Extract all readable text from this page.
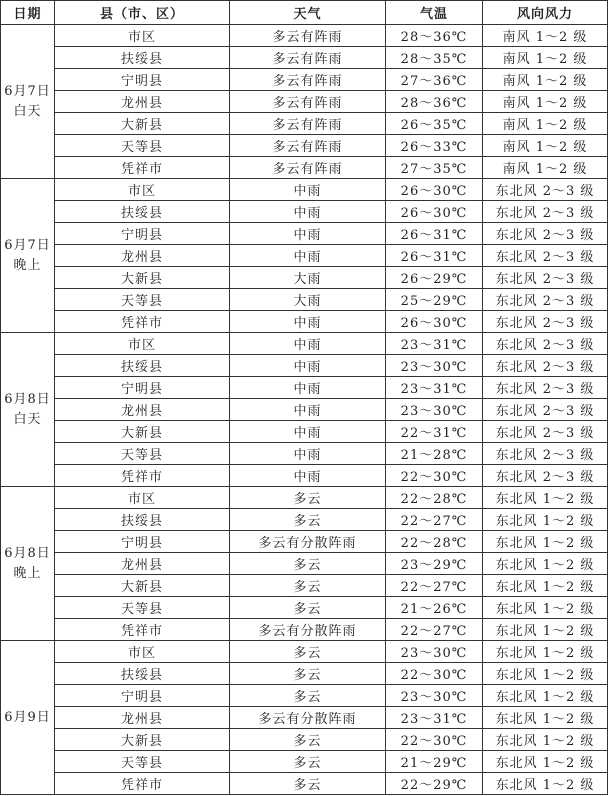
日期	县（市、区）	天气	气温	风向风力

6月7日
白天	市区	多云有阵雨	28～36℃	南风 1～2 级
	扶绥县	多云有阵雨	28～35℃	南风 1～2 级
	宁明县	多云有阵雨	27～36℃	南风 1～2 级
	龙州县	多云有阵雨	28～36℃	南风 1～2 级
	大新县	多云有阵雨	26～35℃	南风 1～2 级
	天等县	多云有阵雨	26～33℃	南风 1～2 级
	凭祥市	多云有阵雨	27～35℃	南风 1～2 级

6月7日
晚上	市区	中雨	26～30℃	东北风 2～3 级
	扶绥县	中雨	26～30℃	东北风 2～3 级
	宁明县	中雨	26～31℃	东北风 2～3 级
	龙州县	中雨	26～31℃	东北风 2～3 级
	大新县	大雨	26～29℃	东北风 2～3 级
	天等县	大雨	25～29℃	东北风 2～3 级
	凭祥市	中雨	26～30℃	东北风 2～3 级

6月8日
白天	市区	中雨	23～31℃	东北风 2～3 级
	扶绥县	中雨	23～30℃	东北风 2～3 级
	宁明县	中雨	23～31℃	东北风 2～3 级
	龙州县	中雨	23～30℃	东北风 2～3 级
	大新县	中雨	22～31℃	东北风 2～3 级
	天等县	中雨	21～28℃	东北风 2～3 级
	凭祥市	中雨	22～30℃	东北风 2～3 级

6月8日
晚上	市区	多云	22～28℃	东北风 1～2 级
	扶绥县	多云	22～27℃	东北风 1～2 级
	宁明县	多云有分散阵雨	22～28℃	东北风 1～2 级
	龙州县	多云	23～29℃	东北风 1～2 级
	大新县	多云	22～27℃	东北风 1～2 级
	天等县	多云	21～26℃	东北风 1～2 级
	凭祥市	多云有分散阵雨	22～27℃	东北风 1～2 级

6月9日	市区	多云	23～30℃	东北风 1～2 级
	扶绥县	多云	22～30℃	东北风 1～2 级
	宁明县	多云	23～30℃	东北风 1～2 级
	龙州县	多云有分散阵雨	23～31℃	东北风 1～2 级
	大新县	多云	22～30℃	东北风 1～2 级
	天等县	多云	21～29℃	东北风 1～2 级
	凭祥市	多云	22～29℃	东北风 1～2 级
